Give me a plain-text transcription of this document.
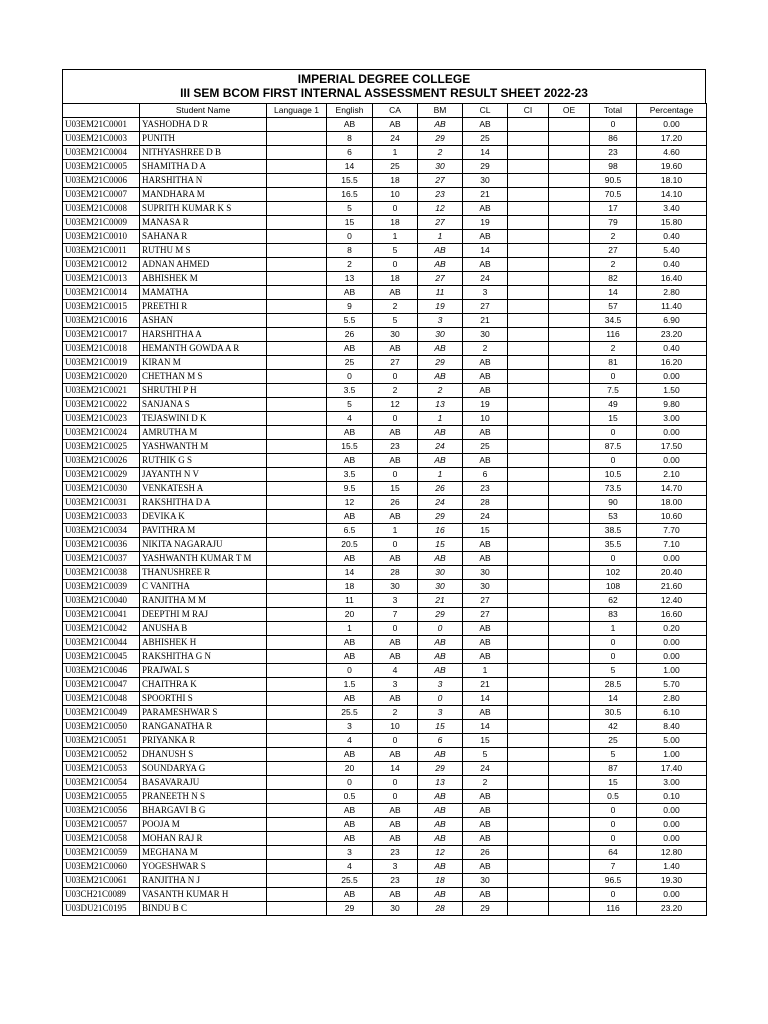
IMPERIAL DEGREE COLLEGE
III SEM BCOM FIRST INTERNAL ASSESSMENT RESULT SHEET 2022-23
	Student Name	Language 1	English	CA	BM	CL	CI	OE	Total	Percentage
U03EM21C0001	YASHODHA D R		AB	AB	AB	AB			0	0.00
U03EM21C0003	PUNITH		8	24	29	25			86	17.20
U03EM21C0004	NITHYASHREE D B		6	1	2	14			23	4.60
U03EM21C0005	SHAMITHA D A		14	25	30	29			98	19.60
U03EM21C0006	HARSHITHA N		15.5	18	27	30			90.5	18.10
U03EM21C0007	MANDHARA M		16.5	10	23	21			70.5	14.10
U03EM21C0008	SUPRITH KUMAR K S		5	0	12	AB			17	3.40
U03EM21C0009	MANASA R		15	18	27	19			79	15.80
U03EM21C0010	SAHANA R		0	1	1	AB			2	0.40
U03EM21C0011	RUTHU M S		8	5	AB	14			27	5.40
U03EM21C0012	ADNAN AHMED		2	0	AB	AB			2	0.40
U03EM21C0013	ABHISHEK M		13	18	27	24			82	16.40
U03EM21C0014	MAMATHA		AB	AB	11	3			14	2.80
U03EM21C0015	PREETHI R		9	2	19	27			57	11.40
U03EM21C0016	ASHAN		5.5	5	3	21			34.5	6.90
U03EM21C0017	HARSHITHA A		26	30	30	30			116	23.20
U03EM21C0018	HEMANTH GOWDA A R		AB	AB	AB	2			2	0.40
U03EM21C0019	KIRAN M		25	27	29	AB			81	16.20
U03EM21C0020	CHETHAN M S		0	0	AB	AB			0	0.00
U03EM21C0021	SHRUTHI P H		3.5	2	2	AB			7.5	1.50
U03EM21C0022	SANJANA S		5	12	13	19			49	9.80
U03EM21C0023	TEJASWINI D K		4	0	1	10			15	3.00
U03EM21C0024	AMRUTHA M		AB	AB	AB	AB			0	0.00
U03EM21C0025	YASHWANTH M		15.5	23	24	25			87.5	17.50
U03EM21C0026	RUTHIK G S		AB	AB	AB	AB			0	0.00
U03EM21C0029	JAYANTH N V		3.5	0	1	6			10.5	2.10
U03EM21C0030	VENKATESH A		9.5	15	26	23			73.5	14.70
U03EM21C0031	RAKSHITHA D A		12	26	24	28			90	18.00
U03EM21C0033	DEVIKA K		AB	AB	29	24			53	10.60
U03EM21C0034	PAVITHRA M		6.5	1	16	15			38.5	7.70
U03EM21C0036	NIKITA NAGARAJU		20.5	0	15	AB			35.5	7.10
U03EM21C0037	YASHWANTH KUMAR T M		AB	AB	AB	AB			0	0.00
U03EM21C0038	THANUSHREE R		14	28	30	30			102	20.40
U03EM21C0039	C VANITHA		18	30	30	30			108	21.60
U03EM21C0040	RANJITHA M M		11	3	21	27			62	12.40
U03EM21C0041	DEEPTHI M RAJ		20	7	29	27			83	16.60
U03EM21C0042	ANUSHA B		1	0	0	AB			1	0.20
U03EM21C0044	ABHISHEK H		AB	AB	AB	AB			0	0.00
U03EM21C0045	RAKSHITHA G N		AB	AB	AB	AB			0	0.00
U03EM21C0046	PRAJWAL S		0	4	AB	1			5	1.00
U03EM21C0047	CHAITHRA K		1.5	3	3	21			28.5	5.70
U03EM21C0048	SPOORTHI S		AB	AB	0	14			14	2.80
U03EM21C0049	PARAMESHWAR S		25.5	2	3	AB			30.5	6.10
U03EM21C0050	RANGANATHA R		3	10	15	14			42	8.40
U03EM21C0051	PRIYANKA R		4	0	6	15			25	5.00
U03EM21C0052	DHANUSH S		AB	AB	AB	5			5	1.00
U03EM21C0053	SOUNDARYA G		20	14	29	24			87	17.40
U03EM21C0054	BASAVARAJU		0	0	13	2			15	3.00
U03EM21C0055	PRANEETH N S		0.5	0	AB	AB			0.5	0.10
U03EM21C0056	BHARGAVI B G		AB	AB	AB	AB			0	0.00
U03EM21C0057	POOJA M		AB	AB	AB	AB			0	0.00
U03EM21C0058	MOHAN RAJ R		AB	AB	AB	AB			0	0.00
U03EM21C0059	MEGHANA M		3	23	12	26			64	12.80
U03EM21C0060	YOGESHWAR S		4	3	AB	AB			7	1.40
U03EM21C0061	RANJITHA N J		25.5	23	18	30			96.5	19.30
U03CH21C0089	VASANTH KUMAR H		AB	AB	AB	AB			0	0.00
U03DU21C0195	BINDU B C		29	30	28	29			116	23.20
